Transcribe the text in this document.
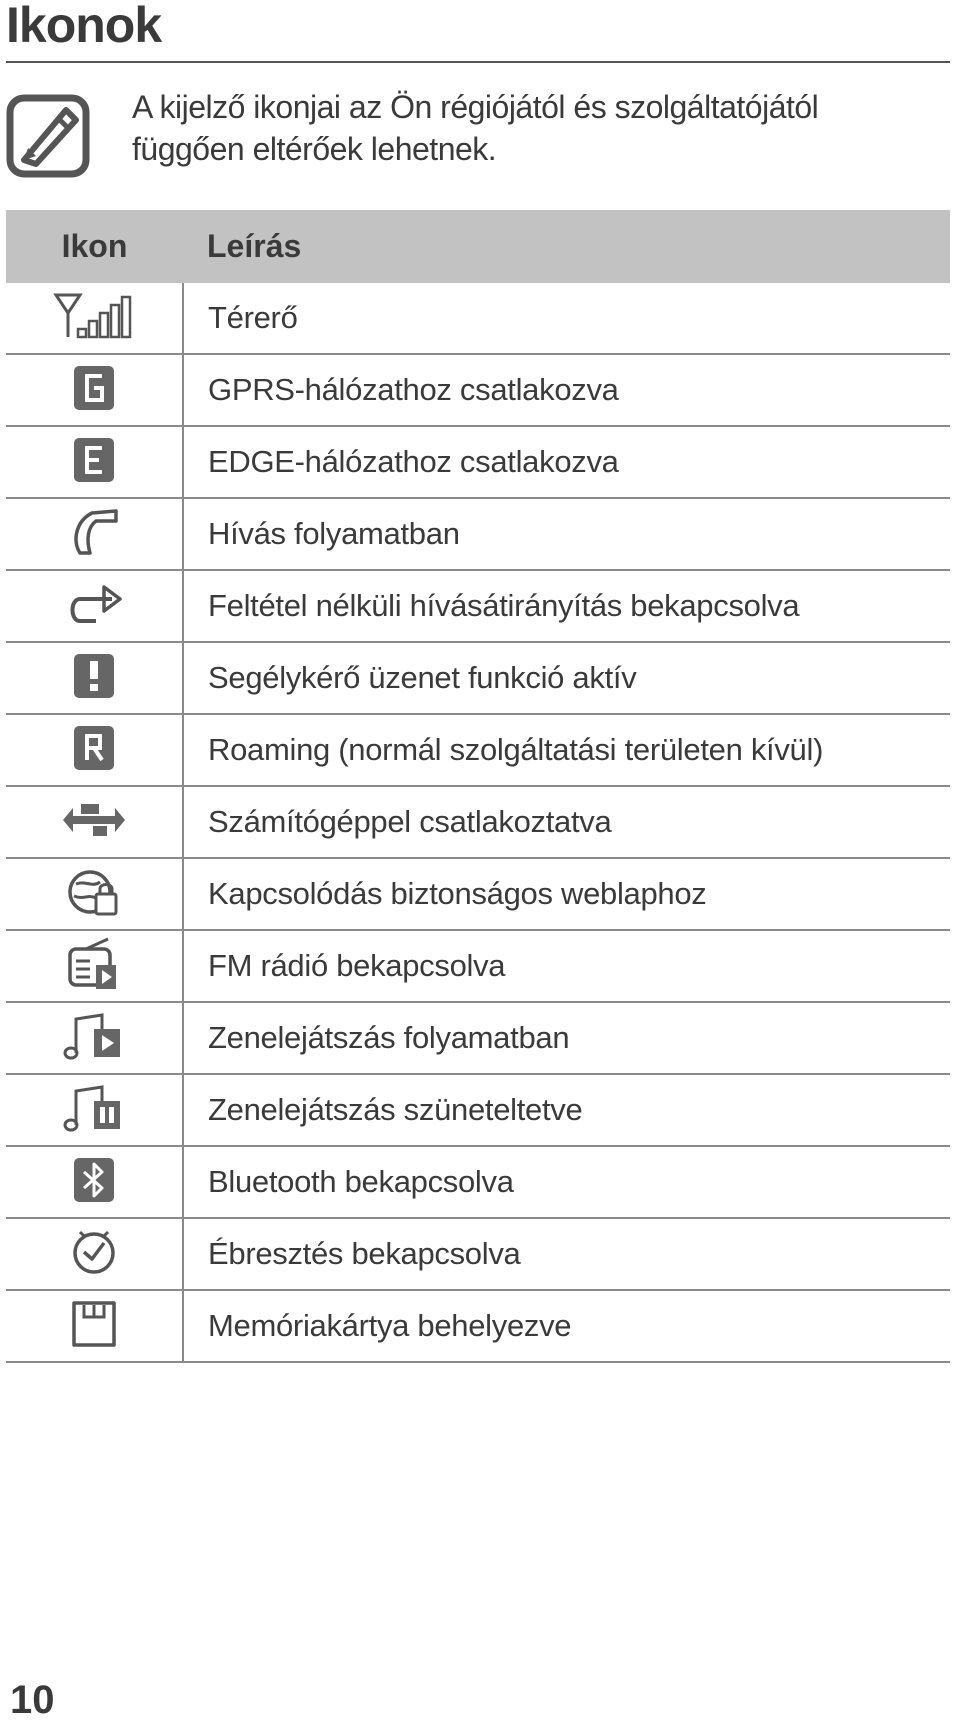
Ikonok
A kijelző ikonjai az Ön régiójától és szolgáltatójától függően eltérőek lehetnek.
Ikon	Leírás
	Térerő
	GPRS-hálózathoz csatlakozva
	EDGE-hálózathoz csatlakozva
	Hívás folyamatban
	Feltétel nélküli hívásátirányítás bekapcsolva
	Segélykérő üzenet funkció aktív
	Roaming (normál szolgáltatási területen kívül)
	Számítógéppel csatlakoztatva
	Kapcsolódás biztonságos weblaphoz
	FM rádió bekapcsolva
	Zenelejátszás folyamatban
	Zenelejátszás szüneteltetve
	Bluetooth bekapcsolva
	Ébresztés bekapcsolva
	Memóriakártya behelyezve
10
